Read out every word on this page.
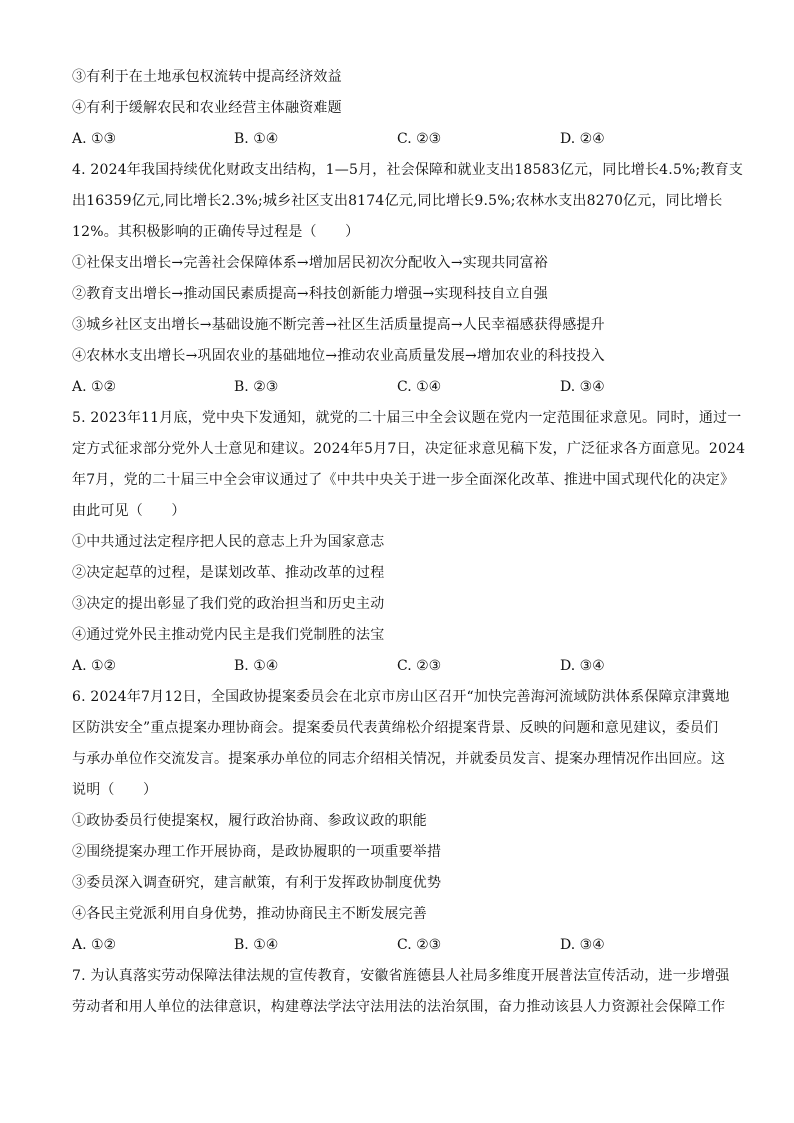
③有利于在土地承包权流转中提高经济效益
④有利于缓解农民和农业经营主体融资难题
A. ①③	B. ①④	C. ②③	D. ②④
4. 2024年我国持续优化财政支出结构，1—5月，社会保障和就业支出18583亿元，同比增长4.5%;教育支
出16359亿元,同比增长2.3%;城乡社区支出8174亿元,同比增长9.5%;农林水支出8270亿元，同比增长
12%。其积极影响的正确传导过程是（　　）
①社保支出增长→完善社会保障体系→增加居民初次分配收入→实现共同富裕
②教育支出增长→推动国民素质提高→科技创新能力增强→实现科技自立自强
③城乡社区支出增长→基础设施不断完善→社区生活质量提高→人民幸福感获得感提升
④农林水支出增长→巩固农业的基础地位→推动农业高质量发展→增加农业的科技投入
A. ①②	B. ②③	C. ①④	D. ③④
5. 2023年11月底，党中央下发通知，就党的二十届三中全会议题在党内一定范围征求意见。同时，通过一
定方式征求部分党外人士意见和建议。2024年5月7日，决定征求意见稿下发，广泛征求各方面意见。2024
年7月，党的二十届三中全会审议通过了《中共中央关于进一步全面深化改革、推进中国式现代化的决定》
由此可见（　　）
①中共通过法定程序把人民的意志上升为国家意志
②决定起草的过程，是谋划改革、推动改革的过程
③决定的提出彰显了我们党的政治担当和历史主动
④通过党外民主推动党内民主是我们党制胜的法宝
A. ①②	B. ①④	C. ②③	D. ③④
6. 2024年7月12日，全国政协提案委员会在北京市房山区召开“加快完善海河流域防洪体系保障京津冀地
区防洪安全”重点提案办理协商会。提案委员代表黄绵松介绍提案背景、反映的问题和意见建议，委员们
与承办单位作交流发言。提案承办单位的同志介绍相关情况，并就委员发言、提案办理情况作出回应。这
说明（　　）
①政协委员行使提案权，履行政治协商、参政议政的职能
②围绕提案办理工作开展协商，是政协履职的一项重要举措
③委员深入调查研究，建言献策，有利于发挥政协制度优势
④各民主党派利用自身优势，推动协商民主不断发展完善
A. ①②	B. ①④	C. ②③	D. ③④
7. 为认真落实劳动保障法律法规的宣传教育，安徽省旌德县人社局多维度开展普法宣传活动，进一步增强
劳动者和用人单位的法律意识，构建尊法学法守法用法的法治氛围，奋力推动该县人力资源社会保障工作
